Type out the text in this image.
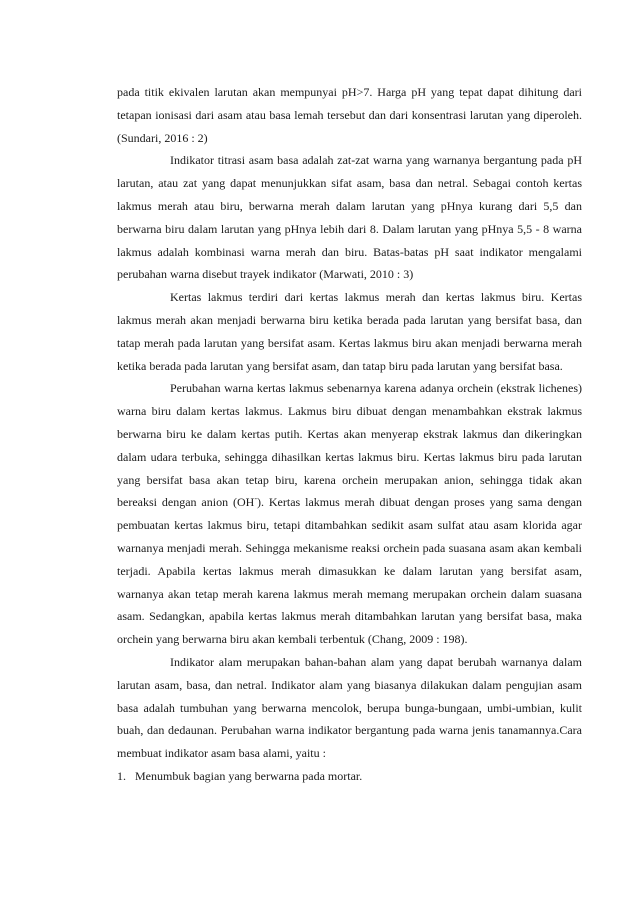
pada titik ekivalen larutan akan mempunyai pH>7. Harga pH yang tepat dapat dihitung dari tetapan ionisasi dari asam atau basa lemah tersebut dan dari konsentrasi larutan yang diperoleh. (Sundari, 2016 : 2)

Indikator titrasi asam basa adalah zat-zat warna yang warnanya bergantung pada pH larutan, atau zat yang dapat menunjukkan sifat asam, basa dan netral. Sebagai contoh kertas lakmus merah atau biru, berwarna merah dalam larutan yang pHnya kurang dari 5,5 dan berwarna biru dalam larutan yang pHnya lebih dari 8. Dalam larutan yang pHnya 5,5 - 8 warna lakmus adalah kombinasi warna merah dan biru. Batas-batas pH saat indikator mengalami perubahan warna disebut trayek indikator (Marwati, 2010 : 3)

Kertas lakmus terdiri dari kertas lakmus merah dan kertas lakmus biru. Kertas lakmus merah akan menjadi berwarna biru ketika berada pada larutan yang bersifat basa, dan tatap merah pada larutan yang bersifat asam. Kertas lakmus biru akan menjadi berwarna merah ketika berada pada larutan yang bersifat asam, dan tatap biru pada larutan yang bersifat basa.

Perubahan warna kertas lakmus sebenarnya karena adanya orchein (ekstrak lichenes) warna biru dalam kertas lakmus. Lakmus biru dibuat dengan menambahkan ekstrak lakmus berwarna biru ke dalam kertas putih. Kertas akan menyerap ekstrak lakmus dan dikeringkan dalam udara terbuka, sehingga dihasilkan kertas lakmus biru. Kertas lakmus biru pada larutan yang bersifat basa akan tetap biru, karena orchein merupakan anion, sehingga tidak akan bereaksi dengan anion (OH-). Kertas lakmus merah dibuat dengan proses yang sama dengan pembuatan kertas lakmus biru, tetapi ditambahkan sedikit asam sulfat atau asam klorida agar warnanya menjadi merah. Sehingga mekanisme reaksi orchein pada suasana asam akan kembali terjadi. Apabila kertas lakmus merah dimasukkan ke dalam larutan yang bersifat asam, warnanya akan tetap merah karena lakmus merah memang merupakan orchein dalam suasana asam. Sedangkan, apabila kertas lakmus merah ditambahkan larutan yang bersifat basa, maka orchein yang berwarna biru akan kembali terbentuk (Chang, 2009 : 198).

Indikator alam merupakan bahan-bahan alam yang dapat berubah warnanya dalam larutan asam, basa, dan netral. Indikator alam yang biasanya dilakukan dalam pengujian asam basa adalah tumbuhan yang berwarna mencolok, berupa bunga-bungaan, umbi-umbian, kulit buah, dan dedaunan. Perubahan warna indikator bergantung pada warna jenis tanamannya.Cara membuat indikator asam basa alami, yaitu :

1.   Menumbuk bagian yang berwarna pada mortar.
